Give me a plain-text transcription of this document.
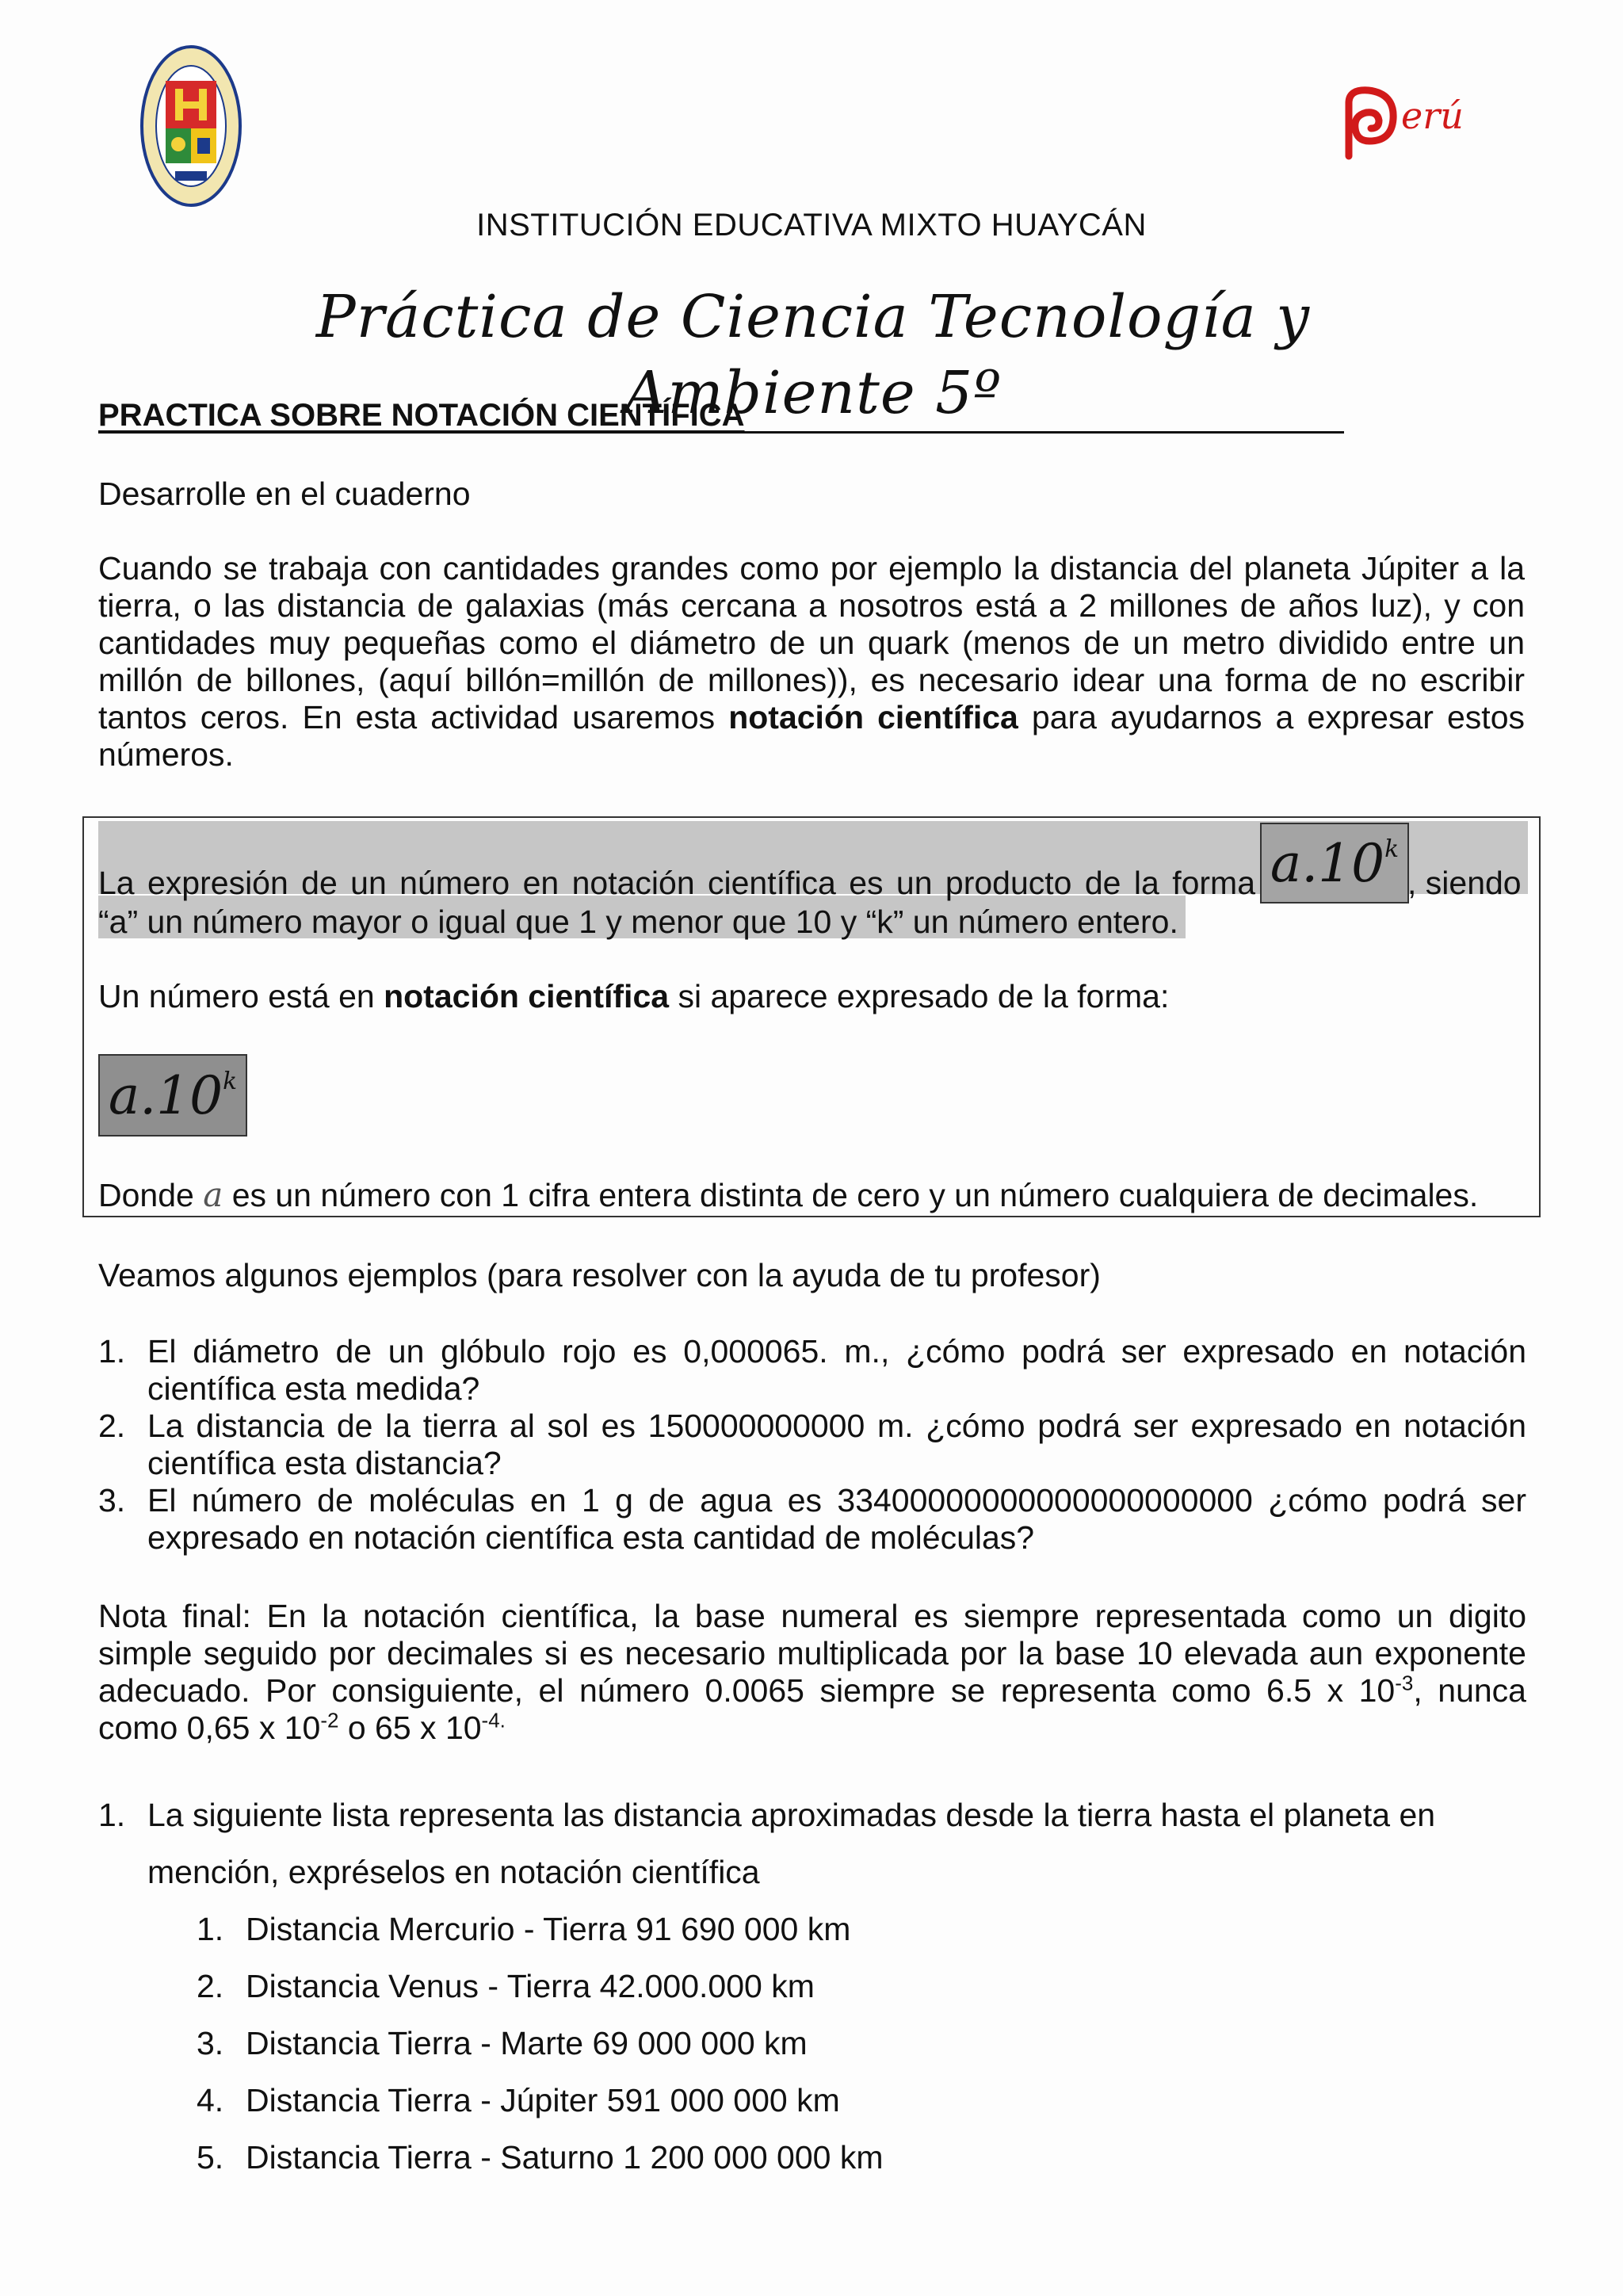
erú
INSTITUCIÓN EDUCATIVA MIXTO HUAYCÁN
Práctica de Ciencia Tecnología y Ambiente 5º
PRACTICA SOBRE NOTACIÓN CIENTÍFICA
Desarrolle en el cuaderno
Cuando se trabaja con cantidades grandes como por ejemplo la distancia del planeta Júpiter a la tierra, o las distancia de galaxias (más cercana a nosotros está a 2 millones de años luz), y con cantidades muy pequeñas como el diámetro de un quark (menos de un metro dividido entre un millón de billones, (aquí billón=millón de millones)), es necesario idear una forma de no escribir tantos ceros. En esta actividad usaremos notación científica para ayudarnos a expresar estos números.
La expresión de un número en notación científica es un producto de la forma a.10$^k$
, siendo
“a” un número mayor o igual que 1 y menor que 10 y “k” un número entero.
Un número está en notación científica si aparece expresado de la forma:
a.10$^k$
Donde a es un número con 1 cifra entera distinta de cero y un número cualquiera de decimales.
Veamos algunos ejemplos (para resolver con la ayuda de tu profesor)
1. El diámetro de un glóbulo rojo es 0,000065. m., ¿cómo podrá ser expresado en notación científica esta medida?
2. La distancia de la tierra al sol es 150000000000 m. ¿cómo podrá ser expresado en notación científica esta distancia?
3. El número de moléculas en 1 g de agua es 33400000000000000000000 ¿cómo podrá ser expresado en notación científica esta cantidad de moléculas?
Nota final: En la notación científica, la base numeral es siempre representada como un digito simple seguido por decimales si es necesario multiplicada por la base 10 elevada aun exponente adecuado. Por consiguiente, el número 0.0065 siempre se representa como 6.5 x $10^{-3}$, nunca como 0,65 x $10^{-2}$ o 65 x $10^{-4.}$
1. La siguiente lista representa las distancia aproximadas desde la tierra hasta el planeta en
mención, expréselos en notación científica
1. Distancia Mercurio - Tierra 91 690 000 km
2. Distancia Venus - Tierra 42.000.000 km
3. Distancia Tierra - Marte 69 000 000 km
4. Distancia Tierra - Júpiter 591 000 000 km
5. Distancia Tierra - Saturno 1 200 000 000 km
